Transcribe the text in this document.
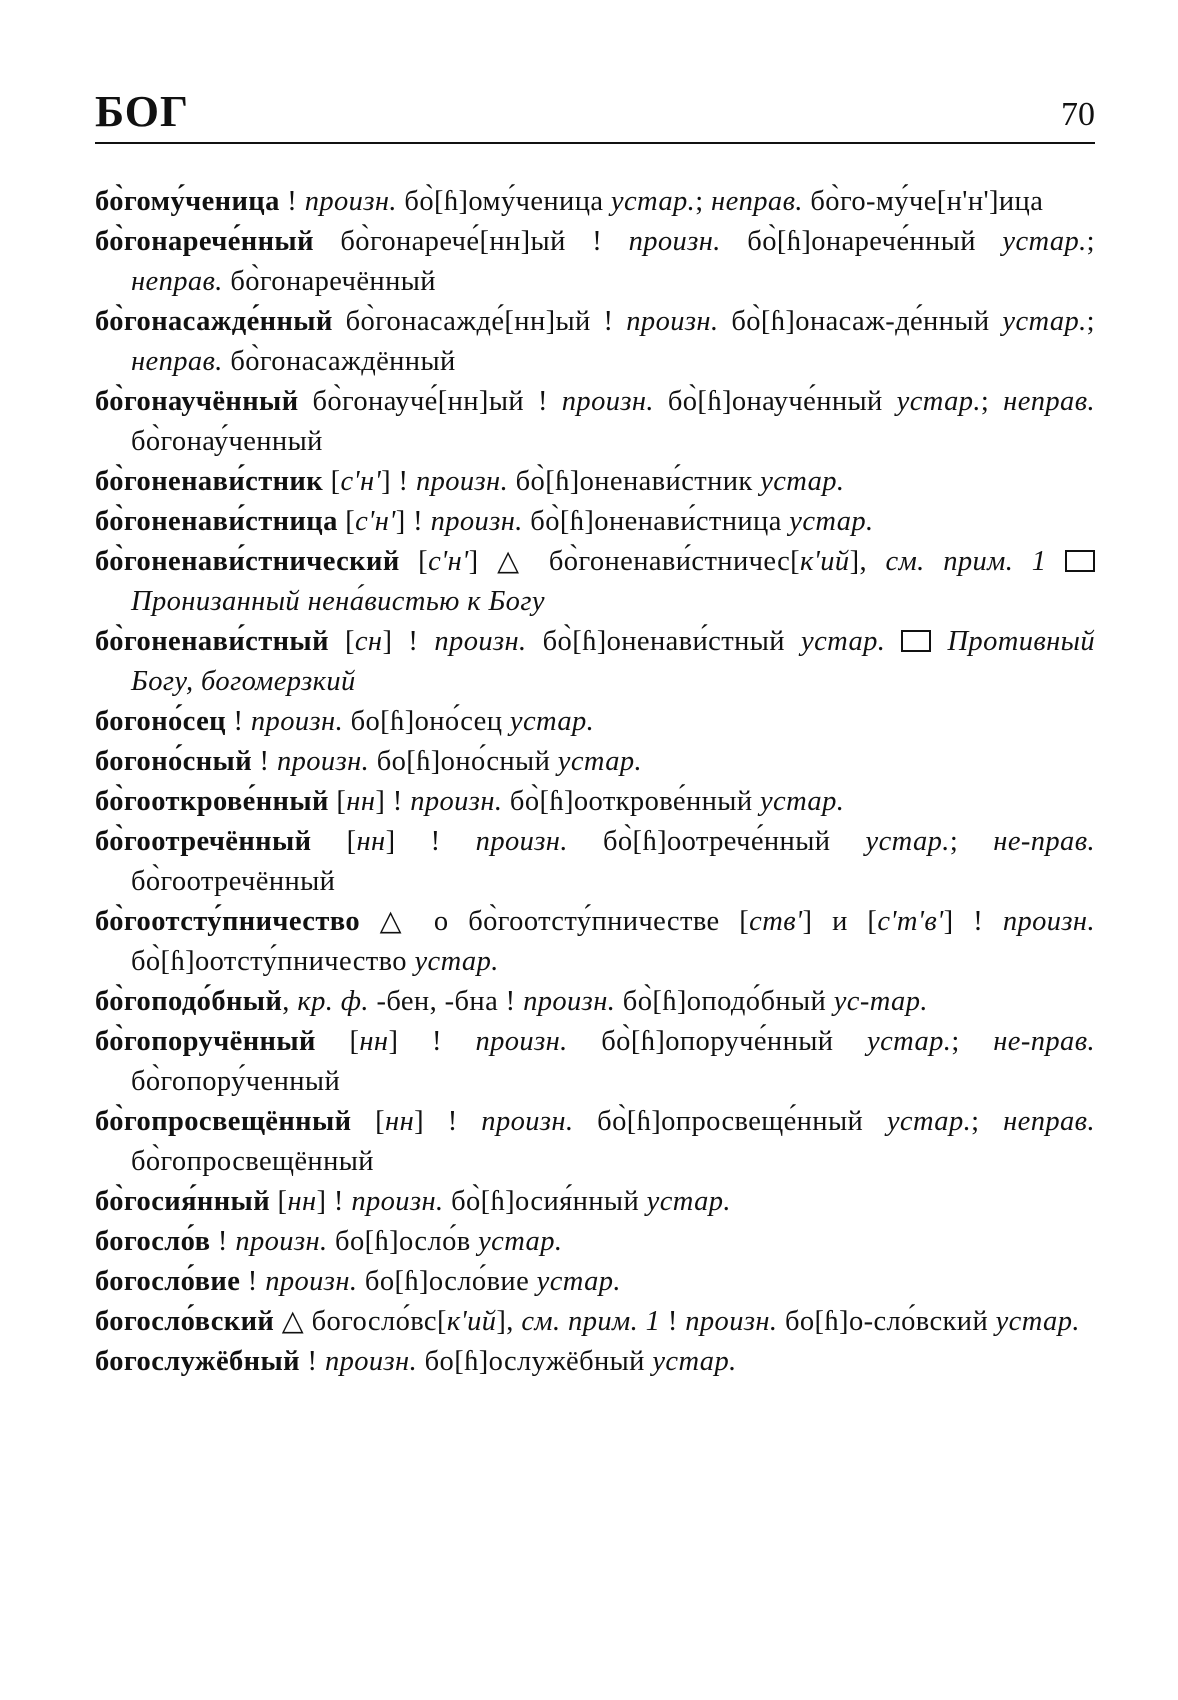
БОГ	70
бо̀гому́ченица ! произн. бо̀[ɦ]ому́ченица устар.; неправ. бо̀го-му́че[н'н']ица
бо̀гонарече́нный бо̀гонарече́[нн]ый ! произн. бо̀[ɦ]онарече́нный устар.; неправ. бо̀гонаречённый
бо̀гонасажде́нный бо̀гонасажде́[нн]ый ! произн. бо̀[ɦ]онасаж-де́нный устар.; неправ. бо̀гонасаждённый
бо̀гонаучённый бо̀гонауче́[нн]ый ! произн. бо̀[ɦ]онауче́нный устар.; неправ. бо̀гонау́ченный
бо̀гоненави́стник [с'н'] ! произн. бо̀[ɦ]оненави́стник устар.
бо̀гоненави́стница [с'н'] ! произн. бо̀[ɦ]оненави́стница устар.
бо̀гоненави́стнический [с'н'] △ бо̀гоненави́стничес[к'ий], см. прим. 1  Пронизанный нена́вистью к Богу
бо̀гоненави́стный [сн] ! произн. бо̀[ɦ]оненави́стный устар. Противный Богу, богомерзкий
богоно́сец ! произн. бо[ɦ]оно́сец устар.
богоно́сный ! произн. бо[ɦ]оно́сный устар.
бо̀гооткрове́нный [нн] ! произн. бо̀[ɦ]ооткрове́нный устар.
бо̀гоотречённый [нн] ! произн. бо̀[ɦ]оотрече́нный устар.; не-прав. бо̀гоотречённый
бо̀гоотсту́пничество △ о бо̀гоотсту́пничестве [ств'] и [с'т'в'] ! произн. бо̀[ɦ]оотсту́пничество устар.
бо̀гоподо́бный, кр. ф. -бен, -бна ! произн. бо̀[ɦ]оподо́бный ус-тар.
бо̀гопоручённый [нн] ! произн. бо̀[ɦ]опоруче́нный устар.; не-прав. бо̀гопору́ченный
бо̀гопросвещённый [нн] ! произн. бо̀[ɦ]опросвеще́нный устар.; неправ. бо̀гопросвещённый
бо̀госия́нный [нн] ! произн. бо̀[ɦ]осия́нный устар.
богосло́в ! произн. бо[ɦ]осло́в устар.
богосло́вие ! произн. бо[ɦ]осло́вие устар.
богосло́вский △ богосло́вс[к'ий], см. прим. 1 ! произн. бо[ɦ]о-сло́вский устар.
богослужёбный ! произн. бо[ɦ]ослужёбный устар.
